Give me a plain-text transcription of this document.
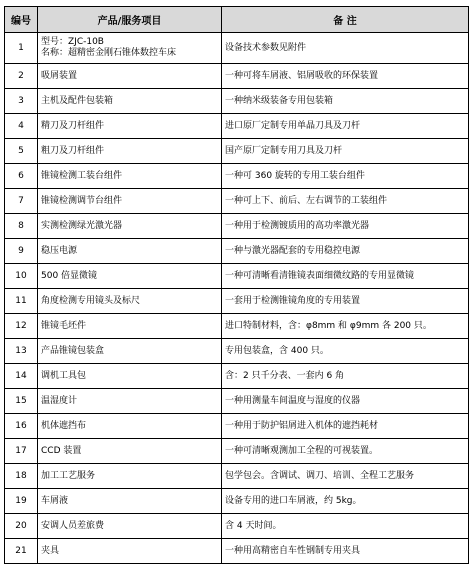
编号	产品/服务项目	备 注
1	型号：ZJC-10B
名称：超精密金刚石锥体数控车床	设备技术参数见附件
2	吸屑装置	一种可将车屑液、铝屑吸收的环保装置
3	主机及配件包装箱	一种纳米级装备专用包装箱
4	精刀及刀杆组件	进口原厂定制专用单晶刀具及刀杆
5	粗刀及刀杆组件	国产原厂定制专用刀具及刀杆
6	锥镜检测工装台组件	一种可 360 旋转的专用工装台组件
7	锥镜检测调节台组件	一种可上下、前后、左右调节的工装组件
8	实测检测绿光激光器	一种用于检测镀质用的高功率激光器
9	稳压电源	一种与激光器配套的专用稳控电源
10	500 倍显微镜	一种可清晰看清锥镜表面细微纹路的专用显微镜
11	角度检测专用镜头及标尺	一套用于检测锥镜角度的专用装置
12	锥镜毛坯件	进口特制材料，含：φ8mm 和 φ9mm 各 200 只。
13	产品锥镜包装盒	专用包装盒，含 400 只。
14	调机工具包	含：2 只千分表、一套内 6 角
15	温湿度计	一种用测量车间温度与湿度的仪器
16	机体遮挡布	一种用于防护铝屑进入机体的遮挡耗材
17	CCD 装置	一种可清晰观测加工全程的可视装置。
18	加工工艺服务	包学包会。含调试、调刀、培训、全程工艺服务
19	车屑液	设备专用的进口车屑液，约 5kg。
20	安调人员差旅费	含 4 天时间。
21	夹具	一种用高精密自车性钢制专用夹具
